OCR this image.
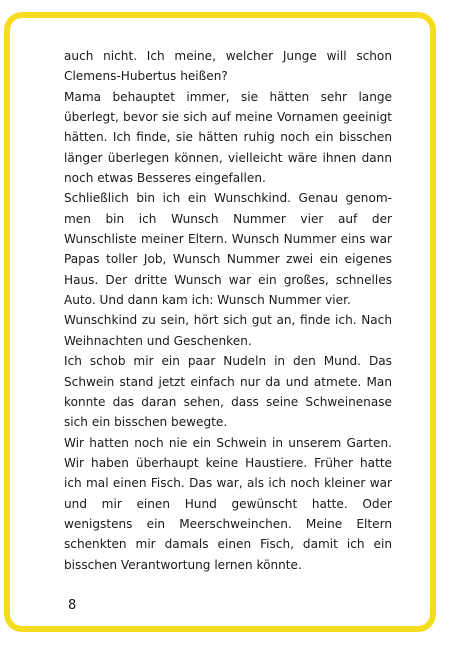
auch nicht. Ich meine, welcher Junge will schon Clemens-Hubertus heißen?

Mama behauptet immer, sie hätten sehr lange überlegt, bevor sie sich auf meine Vornamen geeinigt hätten. Ich finde, sie hätten ruhig noch ein bisschen länger überlegen können, vielleicht wäre ihnen dann noch etwas Besseres eingefallen.

Schließlich bin ich ein Wunschkind. Genau genommen bin ich Wunsch Nummer vier auf der Wunschliste meiner Eltern. Wunsch Nummer eins war Papas toller Job, Wunsch Nummer zwei ein eigenes Haus. Der dritte Wunsch war ein großes, schnelles Auto. Und dann kam ich: Wunsch Nummer vier.

Wunschkind zu sein, hört sich gut an, finde ich. Nach Weihnachten und Geschenken.

Ich schob mir ein paar Nudeln in den Mund. Das Schwein stand jetzt einfach nur da und atmete. Man konnte das daran sehen, dass seine Schweinenase sich ein bisschen bewegte.

Wir hatten noch nie ein Schwein in unserem Garten. Wir haben überhaupt keine Haustiere. Früher hatte ich mal einen Fisch. Das war, als ich noch kleiner war und mir einen Hund gewünscht hatte. Oder wenigstens ein Meerschweinchen. Meine Eltern schenkten mir damals einen Fisch, damit ich ein bisschen Verantwortung lernen könnte.

8
